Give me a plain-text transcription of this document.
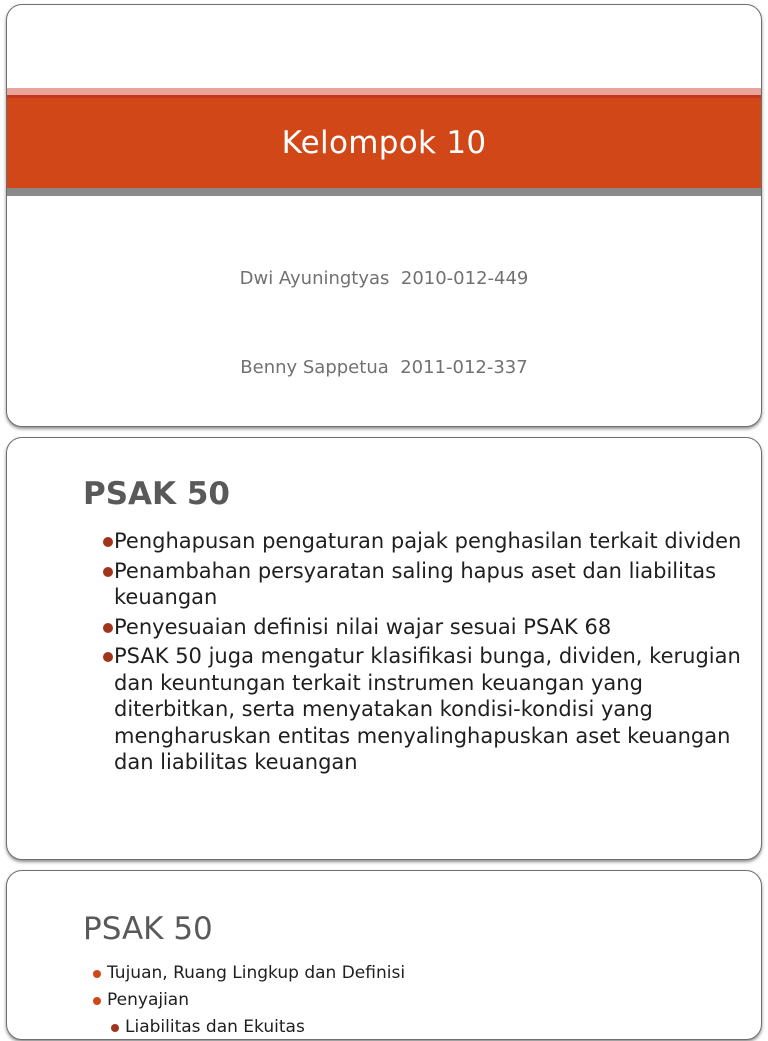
Kelompok 10

Dwi Ayuningtyas  2010-012-449

Benny Sappetua  2011-012-337

PSAK 50
Penghapusan pengaturan pajak penghasilan terkait dividen
Penambahan persyaratan saling hapus aset dan liabilitas keuangan
Penyesuaian definisi nilai wajar sesuai PSAK 68
PSAK 50 juga mengatur klasifikasi bunga, dividen, kerugian dan keuntungan terkait instrumen keuangan yang diterbitkan, serta menyatakan kondisi-kondisi yang mengharuskan entitas menyalinghapuskan aset keuangan dan liabilitas keuangan
PSAK 50
Tujuan, Ruang Lingkup dan Definisi
Penyajian
Liabilitas dan Ekuitas
